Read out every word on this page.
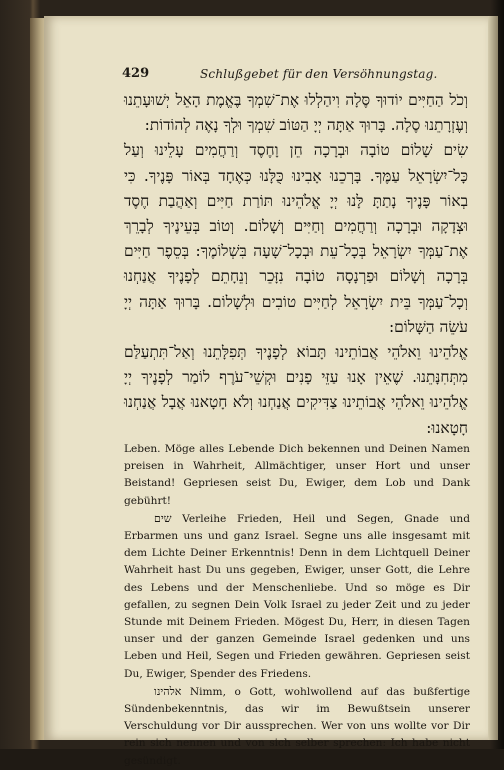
429	Schlußgebet für den Versöhnungstag.

וְכֹל הַחַיִּים יוֹדוּךָ סֶּלָה וִיהַלְלוּ אֶת־שִׁמְךָ בֶּאֱמֶת הָאֵל יְשׁוּעָתֵנוּ וְעֶזְרָתֵנוּ סֶלָה. בָּרוּךְ אַתָּה יְיָ הַטּוֹב שִׁמְךָ וּלְךָ נָאֶה לְהוֹדוֹת:

שִׂים שָׁלוֹם טוֹבָה וּבְרָכָה חֵן וָחֶסֶד וְרַחֲמִים עָלֵינוּ וְעַל כָּל־יִשְׂרָאֵל עַמֶּךָ. בָּרְכֵנוּ אָבִינוּ כֻּלָּנוּ כְּאֶחָד בְּאוֹר פָּנֶיךָ. כִּי בְאוֹר פָּנֶיךָ נָתַתָּ לָּנוּ יְיָ אֱלֹהֵינוּ תּוֹרַת חַיִּים וְאַהֲבַת חֶסֶד וּצְדָקָה וּבְרָכָה וְרַחֲמִים וְחַיִּים וְשָׁלוֹם. וְטוֹב בְּעֵינֶיךָ לְבָרֵךְ אֶת־עַמְּךָ יִשְׂרָאֵל בְּכָל־עֵת וּבְכָל־שָׁעָה בִּשְׁלוֹמֶךָ: בְּסֵפֶר חַיִּים בְּרָכָה וְשָׁלוֹם וּפַרְנָסָה טוֹבָה נִזָּכֵר וְנֵחָתֵם לְפָנֶיךָ אֲנַחְנוּ וְכָל־עַמְּךָ בֵּית יִשְׂרָאֵל לְחַיִּים טוֹבִים וּלְשָׁלוֹם. בָּרוּךְ אַתָּה יְיָ עֹשֵׂה הַשָּׁלוֹם:

אֱלֹהֵינוּ וֵאלֹהֵי אֲבוֹתֵינוּ תָּבוֹא לְפָנֶיךָ תְּפִלָּתֵנוּ וְאַל־תִּתְעַלַּם מִתְּחִנָּתֵנוּ. שֶׁאֵין אָנוּ עַזֵּי פָנִים וּקְשֵׁי־עֹרֶף לוֹמַר לְפָנֶיךָ יְיָ אֱלֹהֵינוּ וֵאלֹהֵי אֲבוֹתֵינוּ צַדִּיקִים אֲנַחְנוּ וְלֹא חָטָאנוּ אֲבָל אֲנַחְנוּ חָטָאנוּ:

Leben. Möge alles Lebende Dich bekennen und Deinen Namen preisen in Wahrheit, Allmächtiger, unser Hort und unser Beistand! Gepriesen seist Du, Ewiger, dem Lob und Dank gebührt!

שים Verleihe Frieden, Heil und Segen, Gnade und Erbarmen uns und ganz Israel. Segne uns alle insgesamt mit dem Lichte Deiner Erkenntnis! Denn in dem Lichtquell Deiner Wahrheit hast Du uns gegeben, Ewiger, unser Gott, die Lehre des Lebens und der Menschenliebe. Und so möge es Dir gefallen, zu segnen Dein Volk Israel zu jeder Zeit und zu jeder Stunde mit Deinem Frieden. Mögest Du, Herr, in diesen Tagen unser und der ganzen Gemeinde Israel gedenken und uns Leben und Heil, Segen und Frieden gewähren. Gepriesen seist Du, Ewiger, Spender des Friedens.

אלהינו Nimm, o Gott, wohlwollend auf das bußfertige Sündenbekenntnis, das wir im Bewußtsein unserer Verschuldung vor Dir aussprechen. Wer von uns wollte vor Dir rein sich nennen und von sich selber sprechen: Ich habe nicht gesündigt.
